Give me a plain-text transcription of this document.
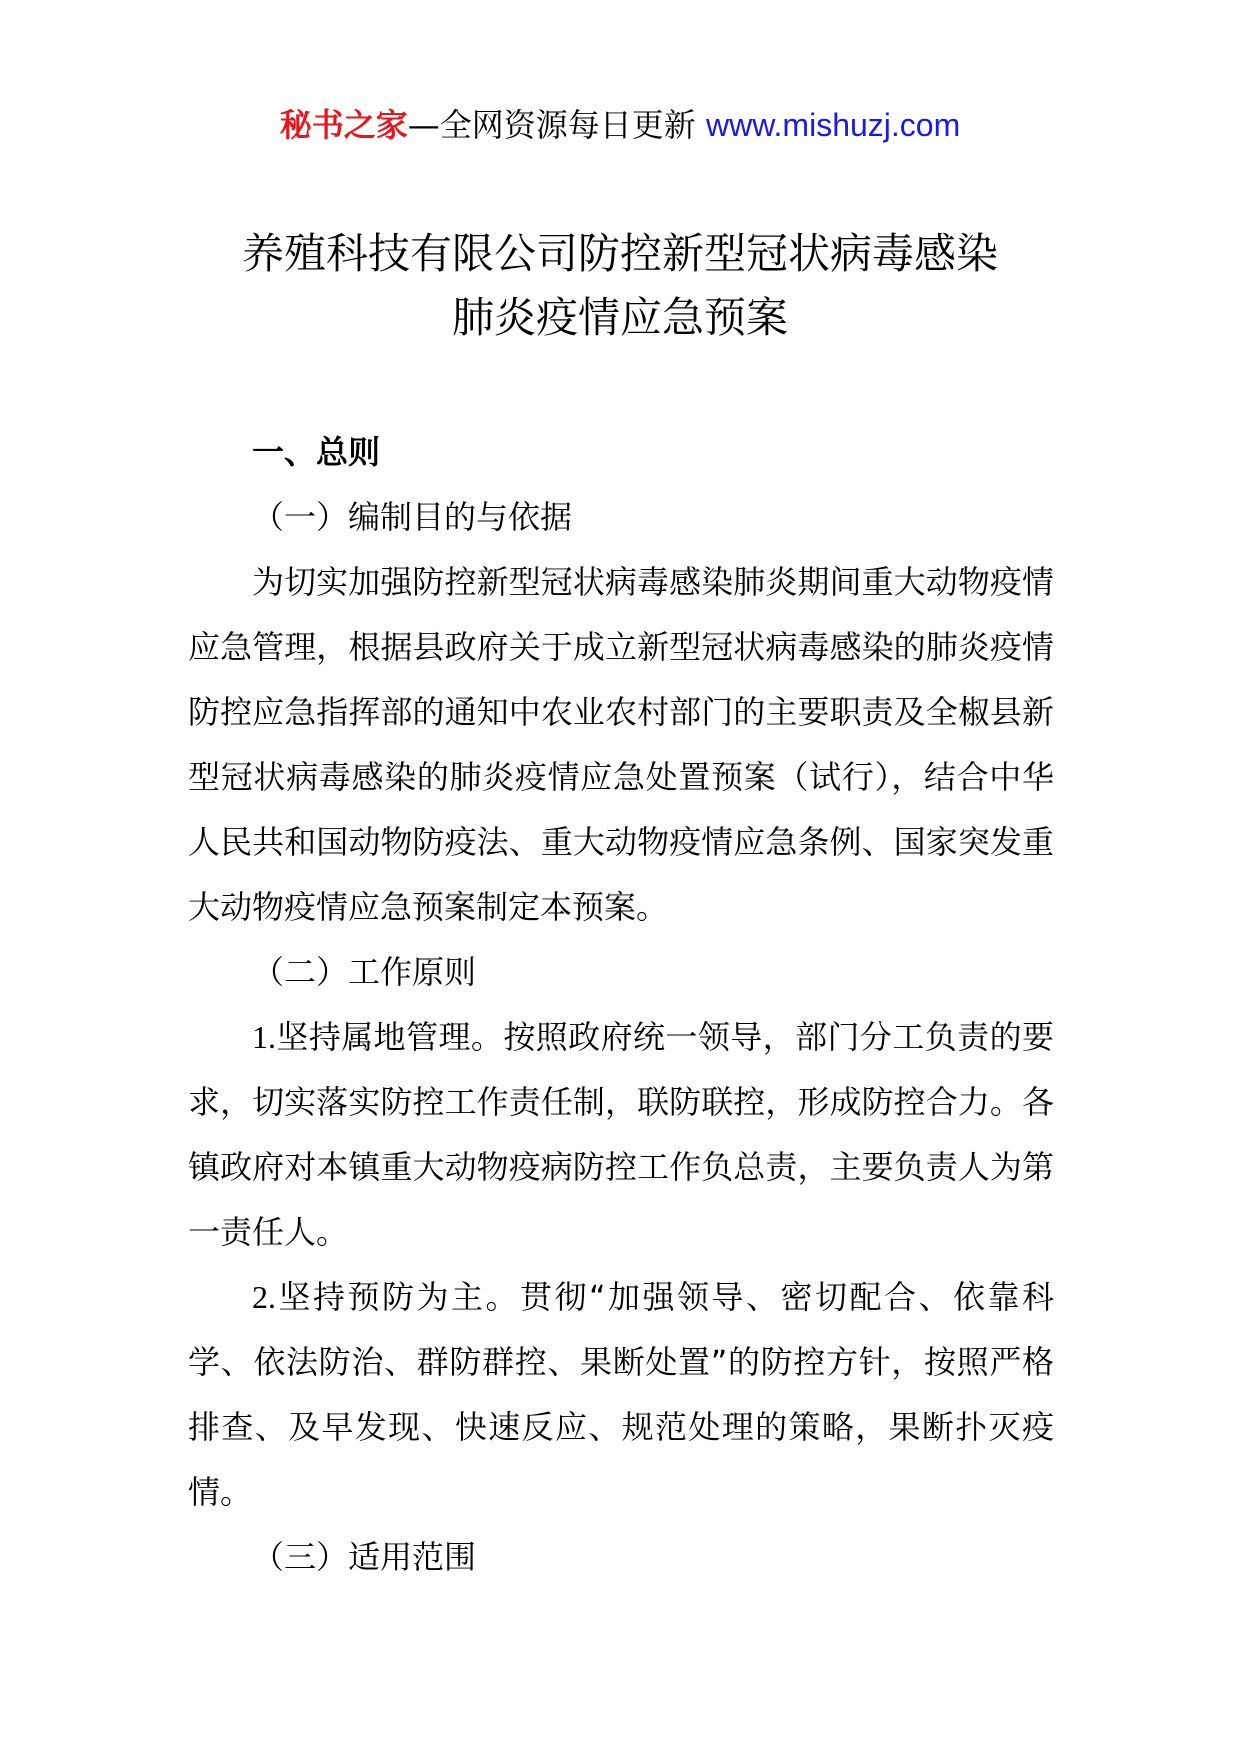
秘书之家—全网资源每日更新 www.mishuzj.com
养殖科技有限公司防控新型冠状病毒感染
肺炎疫情应急预案

一、总则

（一）编制目的与依据

为切实加强防控新型冠状病毒感染肺炎期间重大动物疫情应急管理，根据县政府关于成立新型冠状病毒感染的肺炎疫情防控应急指挥部的通知中农业农村部门的主要职责及全椒县新型冠状病毒感染的肺炎疫情应急处置预案（试行），结合中华人民共和国动物防疫法、重大动物疫情应急条例、国家突发重大动物疫情应急预案制定本预案。

（二）工作原则

1.坚持属地管理。按照政府统一领导，部门分工负责的要求，切实落实防控工作责任制，联防联控，形成防控合力。各镇政府对本镇重大动物疫病防控工作负总责，主要负责人为第一责任人。

2.坚持预防为主。贯彻“加强领导、密切配合、依靠科学、依法防治、群防群控、果断处置”的防控方针，按照严格排查、及早发现、快速反应、规范处理的策略，果断扑灭疫情。

（三）适用范围
